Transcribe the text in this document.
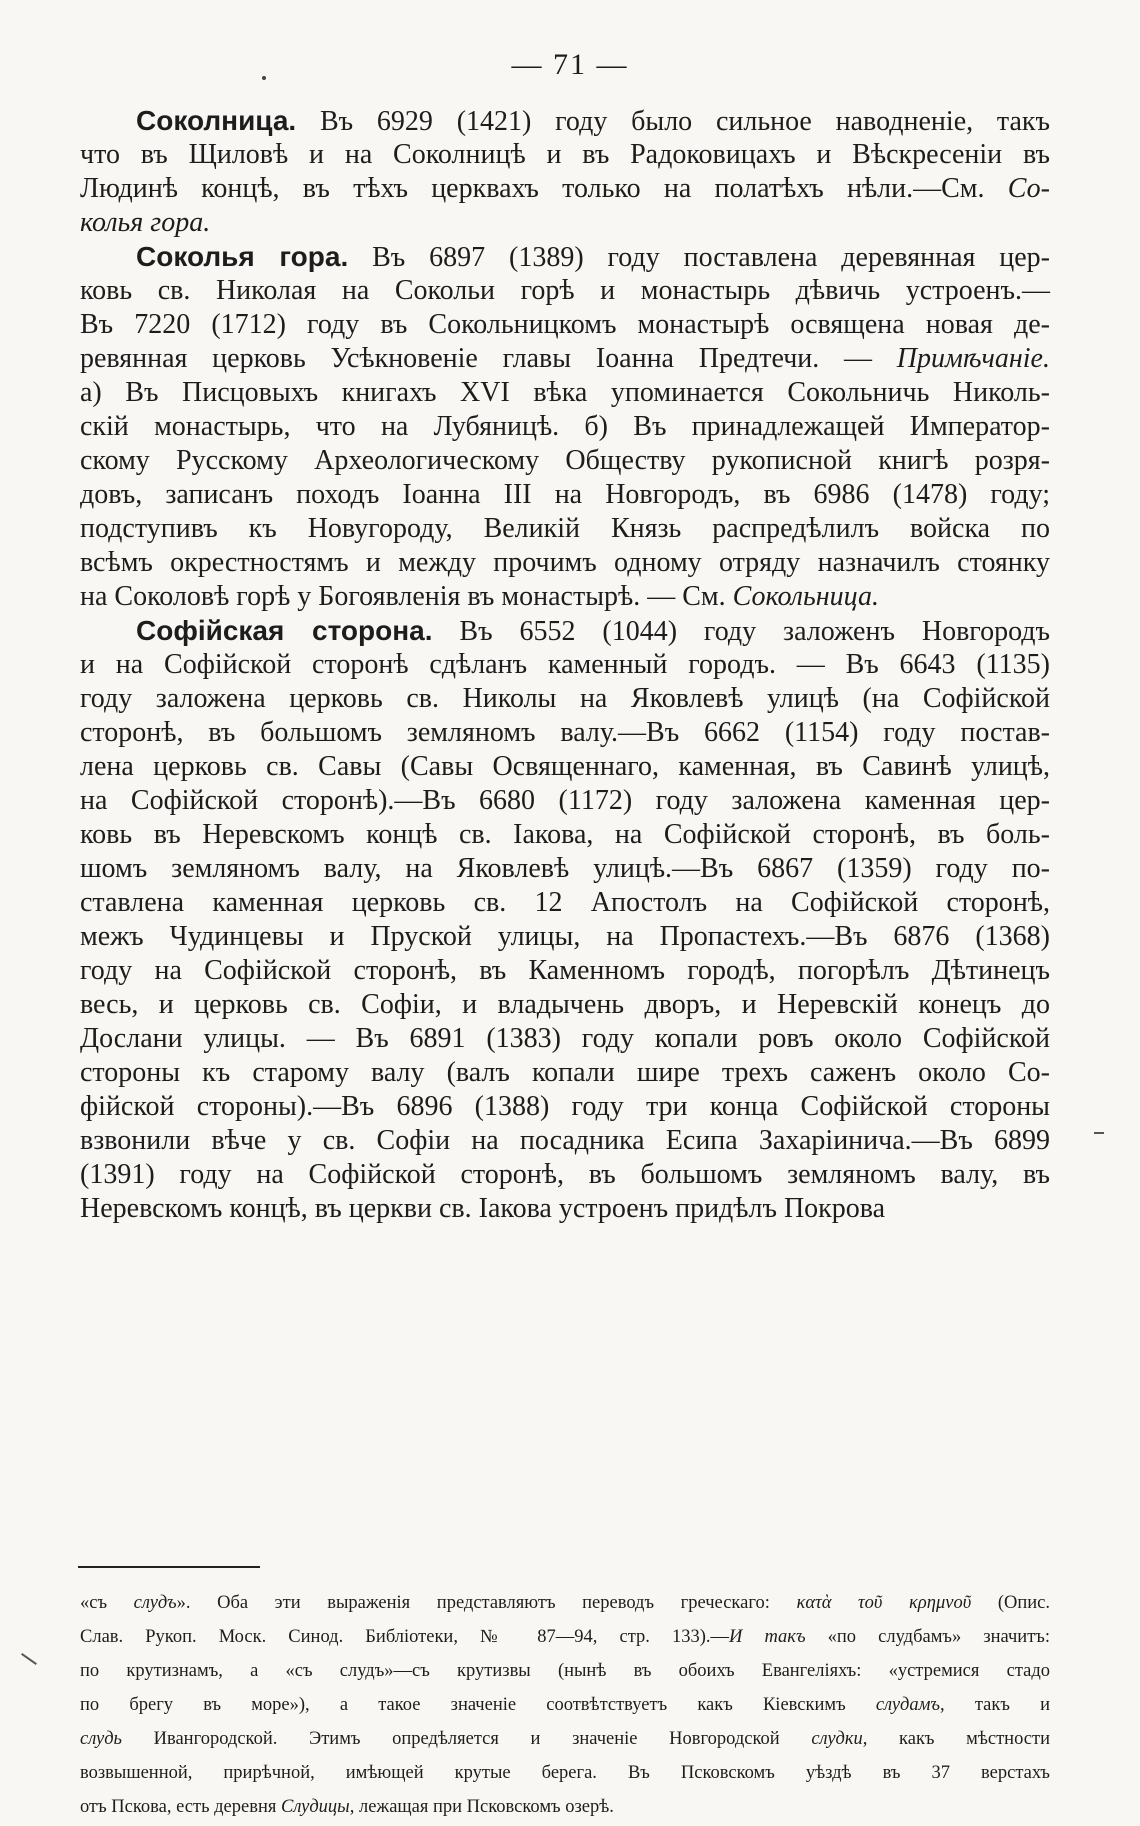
— 71 —
Соколница. Въ 6929 (1421) году было сильное наводненіе, такъ
что въ Щиловѣ и на Соколницѣ и въ Радоковицахъ и Вѣскресеніи въ
Людинѣ концѣ, въ тѣхъ церквахъ только на полатѣхъ нѣли.—См. Со-
колья гора.
Соколья гора. Въ 6897 (1389) году поставлена деревянная цер-
ковь св. Николая на Сокольи горѣ и монастырь дѣвичь устроенъ.—
Въ 7220 (1712) году въ Сокольницкомъ монастырѣ освящена новая де-
ревянная церковь Усѣкновеніе главы Іоанна Предтечи. — Примѣчаніе.
а) Въ Писцовыхъ книгахъ XVI вѣка упоминается Сокольничь Николь-
скій монастырь, что на Лубяницѣ. б) Въ принадлежащей Император-
скому Русскому Археологическому Обществу рукописной книгѣ розря-
довъ, записанъ походъ Іоанна III на Новгородъ, въ 6986 (1478) году;
подступивъ къ Новугороду, Великій Князь распредѣлилъ войска по
всѣмъ окрестностямъ и между прочимъ одному отряду назначилъ стоянку
на Соколовѣ горѣ у Богоявленія въ монастырѣ. — См. Сокольница.
Софійская сторона. Въ 6552 (1044) году заложенъ Новгородъ
и на Софійской сторонѣ сдѣланъ каменный городъ. — Въ 6643 (1135)
году заложена церковь св. Николы на Яковлевѣ улицѣ (на Софійской
сторонѣ, въ большомъ земляномъ валу.—Въ 6662 (1154) году постав-
лена церковь св. Савы (Савы Освященнаго, каменная, въ Савинѣ улицѣ,
на Софійской сторонѣ).—Въ 6680 (1172) году заложена каменная цер-
ковь въ Неревскомъ концѣ св. Іакова, на Софійской сторонѣ, въ боль-
шомъ земляномъ валу, на Яковлевѣ улицѣ.—Въ 6867 (1359) году по-
ставлена каменная церковь св. 12 Апостолъ на Софійской сторонѣ,
межъ Чудинцевы и Пруской улицы, на Пропастехъ.—Въ 6876 (1368)
году на Софійской сторонѣ, въ Каменномъ городѣ, погорѣлъ Дѣтинецъ
весь, и церковь св. Софіи, и владычень дворъ, и Неревскій конецъ до
Дослани улицы. — Въ 6891 (1383) году копали ровъ около Софійской
стороны къ старому валу (валъ копали шире трехъ саженъ около Со-
фійской стороны).—Въ 6896 (1388) году три конца Софійской стороны
взвонили вѣче у св. Софіи на посадника Есипа Захаріинича.—Въ 6899
(1391) году на Софійской сторонѣ, въ большомъ земляномъ валу, въ
Неревскомъ концѣ, въ церкви св. Іакова устроенъ придѣлъ Покрова
«съ слудъ». Оба эти выраженія представляютъ переводъ греческаго: κατὰ τοῦ κρημνοῦ (Опис.
Слав. Рукоп. Моск. Синод. Библіотеки, № 87—94, стр. 133).—И такъ «по слудбамъ» значитъ:
по крутизнамъ, а «съ слудъ»—съ крутизвы (нынѣ въ обоихъ Евангеліяхъ: «устремися стадо
по брегу въ море»), а такое значеніе соотвѣтствуетъ какъ Кіевскимъ слудамъ, такъ и
слудь Ивангородской. Этимъ опредѣляется и значеніе Новгородской слудки, какъ мѣстности
возвышенной, прирѣчной, имѣющей крутые берега. Въ Псковскомъ уѣздѣ въ 37 верстахъ
отъ Пскова, есть деревня Слудицы, лежащая при Псковскомъ озерѣ.
